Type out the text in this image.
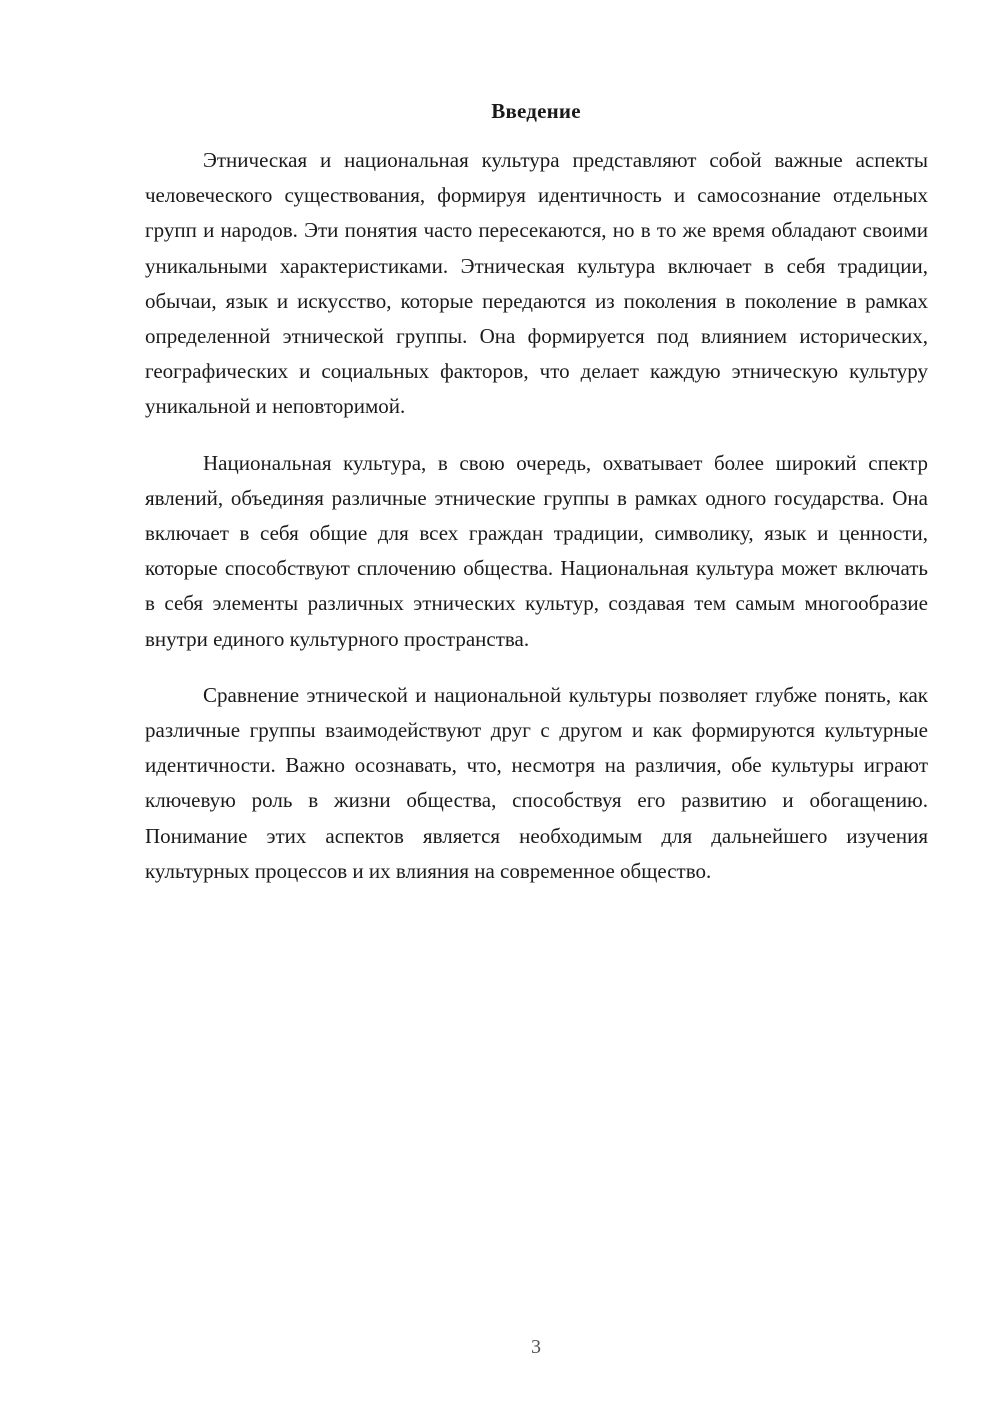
Введение

Этническая и национальная культура представляют собой важные аспекты человеческого существования, формируя идентичность и самосознание отдельных групп и народов. Эти понятия часто пересекаются, но в то же время обладают своими уникальными характеристиками. Этническая культура включает в себя традиции, обычаи, язык и искусство, которые передаются из поколения в поколение в рамках определенной этнической группы. Она формируется под влиянием исторических, географических и социальных факторов, что делает каждую этническую культуру уникальной и неповторимой.

Национальная культура, в свою очередь, охватывает более широкий спектр явлений, объединяя различные этнические группы в рамках одного государства. Она включает в себя общие для всех граждан традиции, символику, язык и ценности, которые способствуют сплочению общества. Национальная культура может включать в себя элементы различных этнических культур, создавая тем самым многообразие внутри единого культурного пространства.

Сравнение этнической и национальной культуры позволяет глубже понять, как различные группы взаимодействуют друг с другом и как формируются культурные идентичности. Важно осознавать, что, несмотря на различия, обе культуры играют ключевую роль в жизни общества, способствуя его развитию и обогащению. Понимание этих аспектов является необходимым для дальнейшего изучения культурных процессов и их влияния на современное общество.

3
